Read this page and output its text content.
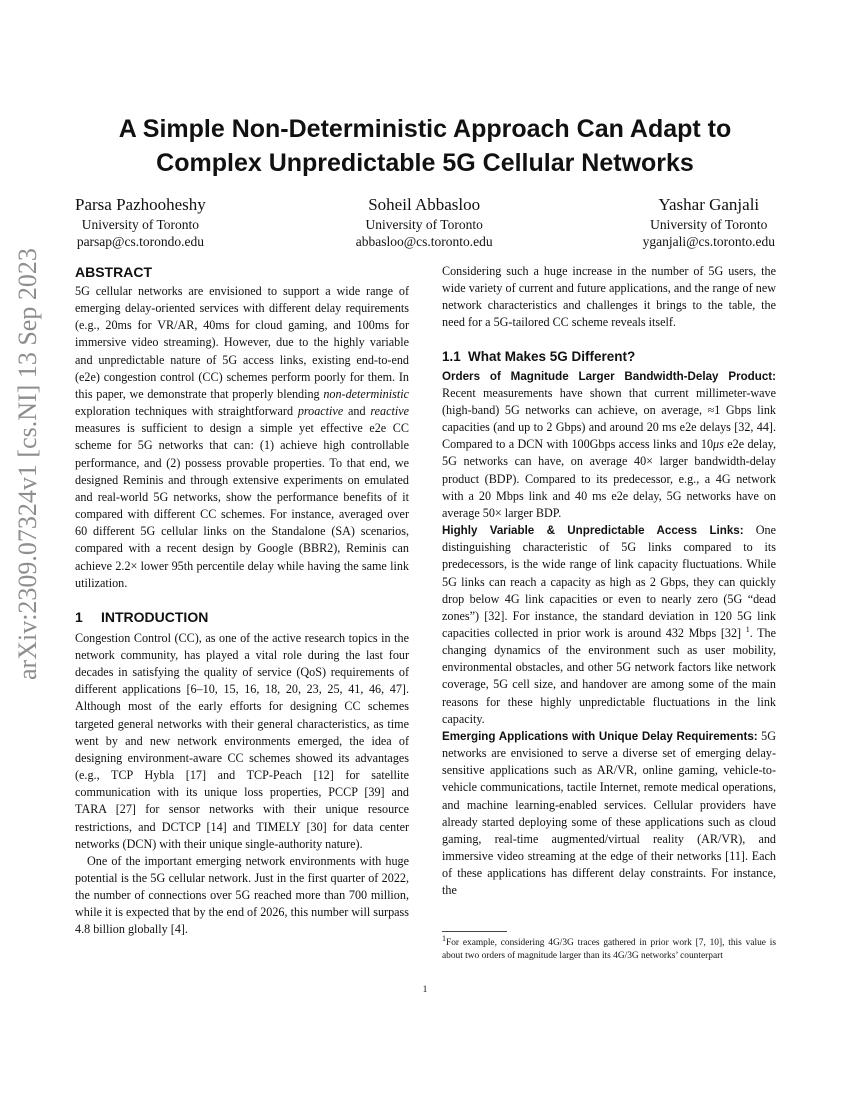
arXiv:2309.07324v1 [cs.NI] 13 Sep 2023
A Simple Non-Deterministic Approach Can Adapt to
Complex Unpredictable 5G Cellular Networks
Parsa Pazhooheshy
University of Toronto
parsap@cs.torondo.edu
Soheil Abbasloo
University of Toronto
abbasloo@cs.toronto.edu
Yashar Ganjali
University of Toronto
yganjali@cs.toronto.edu
ABSTRACT

5G cellular networks are envisioned to support a wide range of emerging delay-oriented services with different delay requirements (e.g., 20ms for VR/AR, 40ms for cloud gaming, and 100ms for immersive video streaming). However, due to the highly variable and unpredictable nature of 5G access links, existing end-to-end (e2e) congestion control (CC) schemes perform poorly for them. In this paper, we demonstrate that properly blending non-deterministic exploration techniques with straightforward proactive and reactive measures is sufficient to design a simple yet effective e2e CC scheme for 5G networks that can: (1) achieve high controllable performance, and (2) possess provable properties. To that end, we designed Reminis and through extensive experiments on emulated and real-world 5G networks, show the performance benefits of it compared with different CC schemes. For instance, averaged over 60 different 5G cellular links on the Standalone (SA) scenarios, compared with a recent design by Google (BBR2), Reminis can achieve 2.2× lower 95th percentile delay while having the same link utilization.

1 INTRODUCTION

Congestion Control (CC), as one of the active research topics in the network community, has played a vital role during the last four decades in satisfying the quality of service (QoS) requirements of different applications [6–10, 15, 16, 18, 20, 23, 25, 41, 46, 47]. Although most of the early efforts for designing CC schemes targeted general networks with their general characteristics, as time went by and new network environments emerged, the idea of designing environment-aware CC schemes showed its advantages (e.g., TCP Hybla [17] and TCP-Peach [12] for satellite communication with its unique loss properties, PCCP [39] and TARA [27] for sensor networks with their unique resource restrictions, and DCTCP [14] and TIMELY [30] for data center networks (DCN) with their unique single-authority nature).

One of the important emerging network environments with huge potential is the 5G cellular network. Just in the first quarter of 2022, the number of connections over 5G reached more than 700 million, while it is expected that by the end of 2026, this number will surpass 4.8 billion globally [4].

Considering such a huge increase in the number of 5G users, the wide variety of current and future applications, and the range of new network characteristics and challenges it brings to the table, the need for a 5G-tailored CC scheme reveals itself.

1.1 What Makes 5G Different?

Orders of Magnitude Larger Bandwidth-Delay Product: Recent measurements have shown that current millimeter-wave (high-band) 5G networks can achieve, on average, ≈1 Gbps link capacities (and up to 2 Gbps) and around 20 ms e2e delays [32, 44]. Compared to a DCN with 100Gbps access links and 10μs e2e delay, 5G networks can have, on average 40× larger bandwidth-delay product (BDP). Compared to its predecessor, e.g., a 4G network with a 20 Mbps link and 40 ms e2e delay, 5G networks have on average 50× larger BDP.

Highly Variable & Unpredictable Access Links: One distinguishing characteristic of 5G links compared to its predecessors, is the wide range of link capacity fluctuations. While 5G links can reach a capacity as high as 2 Gbps, they can quickly drop below 4G link capacities or even to nearly zero (5G “dead zones”) [32]. For instance, the standard deviation in 120 5G link capacities collected in prior work is around 432 Mbps [32] $^1$. The changing dynamics of the environment such as user mobility, environmental obstacles, and other 5G network factors like network coverage, 5G cell size, and handover are among some of the main reasons for these highly unpredictable fluctuations in the link capacity.

Emerging Applications with Unique Delay Requirements: 5G networks are envisioned to serve a diverse set of emerging delay-sensitive applications such as AR/VR, online gaming, vehicle-to-vehicle communications, tactile Internet, remote medical operations, and machine learning-enabled services. Cellular providers have already started deploying some of these applications such as cloud gaming, real-time augmented/virtual reality (AR/VR), and immersive video streaming at the edge of their networks [11]. Each of these applications has different delay constraints. For instance, the

$^1$For example, considering 4G/3G traces gathered in prior work [7, 10], this value is about two orders of magnitude larger than its 4G/3G networks’ counterpart
1
